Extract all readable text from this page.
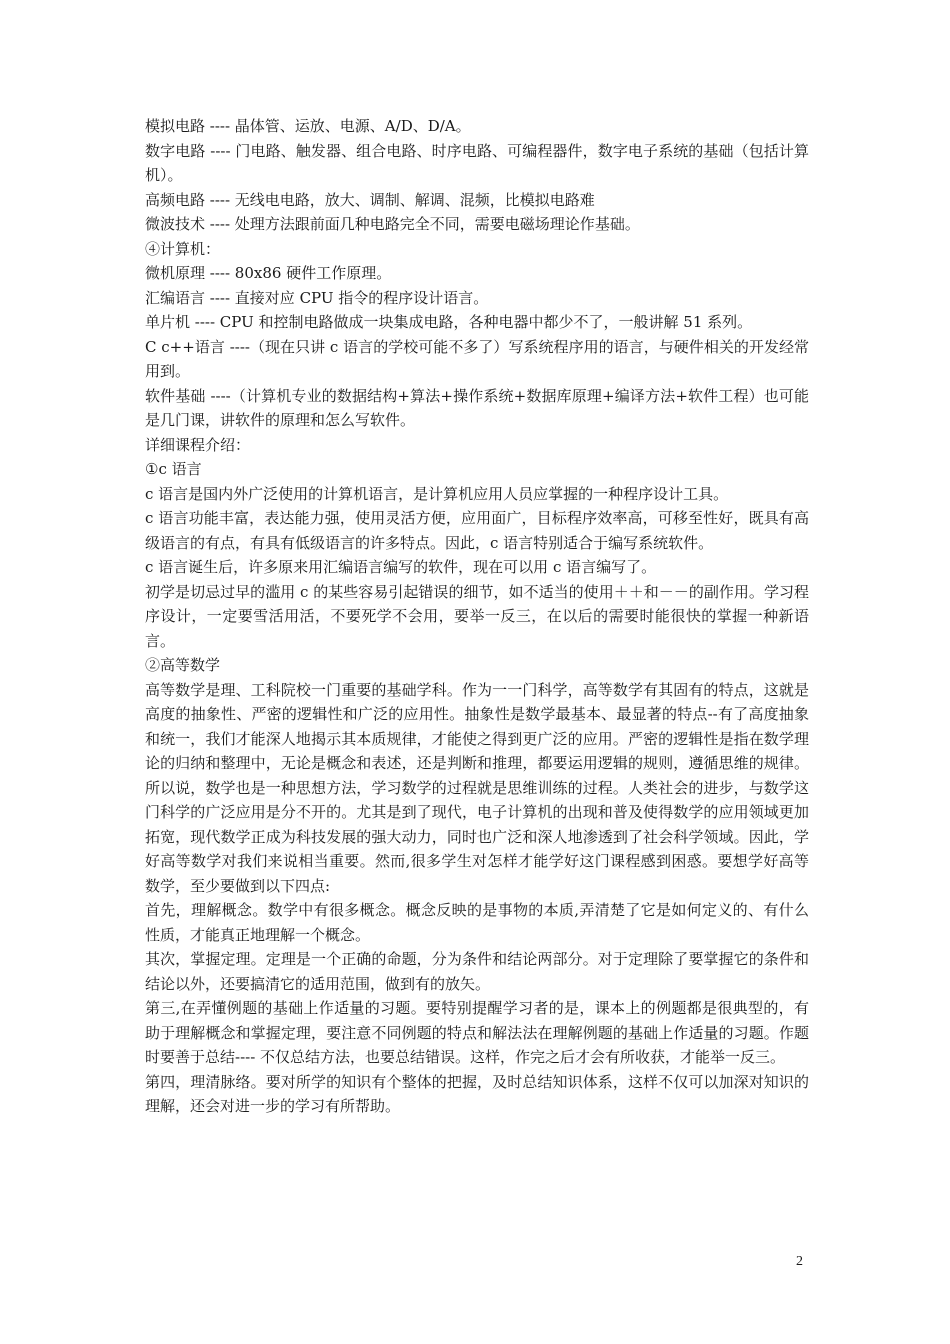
模拟电路 ---- 晶体管、运放、电源、A/D、D/A。

数字电路 ---- 门电路、触发器、组合电路、时序电路、可编程器件，数字电子系统的基础（包括计算机）。

高频电路 ---- 无线电电路，放大、调制、解调、混频，比模拟电路难

微波技术 ---- 处理方法跟前面几种电路完全不同，需要电磁场理论作基础。

④计算机：

微机原理 ---- 80x86 硬件工作原理。

汇编语言 ---- 直接对应 CPU 指令的程序设计语言。

单片机 ---- CPU 和控制电路做成一块集成电路，各种电器中都少不了，一般讲解 51 系列。

C c++语言 ----（现在只讲 c 语言的学校可能不多了）写系统程序用的语言，与硬件相关的开发经常用到。

软件基础 ----（计算机专业的数据结构+算法+操作系统+数据库原理+编译方法+软件工程）也可能是几门课，讲软件的原理和怎么写软件。

详细课程介绍：

①c 语言

c 语言是国内外广泛使用的计算机语言，是计算机应用人员应掌握的一种程序设计工具。

c 语言功能丰富，表达能力强，使用灵活方便，应用面广，目标程序效率高，可移至性好，既具有高级语言的有点，有具有低级语言的许多特点。因此，c 语言特别适合于编写系统软件。

c 语言诞生后，许多原来用汇编语言编写的软件，现在可以用 c 语言编写了。

初学是切忌过早的滥用 c 的某些容易引起错误的细节，如不适当的使用＋＋和－－的副作用。学习程序设计，一定要雪活用活，不要死学不会用，要举一反三，在以后的需要时能很快的掌握一种新语言。

②高等数学

高等数学是理、工科院校一门重要的基础学科。作为一一门科学，高等数学有其固有的特点，这就是高度的抽象性、严密的逻辑性和广泛的应用性。抽象性是数学最基本、最显著的特点--有了高度抽象和统一，我们才能深人地揭示其本质规律，才能使之得到更广泛的应用。严密的逻辑性是指在数学理论的归纳和整理中，无论是概念和表述，还是判断和推理，都要运用逻辑的规则，遵循思维的规律。所以说，数学也是一种思想方法，学习数学的过程就是思维训练的过程。人类社会的进步，与数学这门科学的广泛应用是分不开的。尤其是到了现代，电子计算机的出现和普及使得数学的应用领域更加拓宽，现代数学正成为科技发展的强大动力，同时也广泛和深人地渗透到了社会科学领域。因此，学好高等数学对我们来说相当重要。然而,很多学生对怎样才能学好这门课程感到困惑。要想学好高等数学，至少要做到以下四点:

首先，理解概念。数学中有很多概念。概念反映的是事物的本质,弄清楚了它是如何定义的、有什么性质，才能真正地理解一个概念。

其次，掌握定理。定理是一个正确的命题，分为条件和结论两部分。对于定理除了要掌握它的条件和结论以外，还要搞清它的适用范围，做到有的放矢。

第三,在弄懂例题的基础上作适量的习题。要特别提醒学习者的是，课本上的例题都是很典型的，有助于理解概念和掌握定理，要注意不同例题的特点和解法法在理解例题的基础上作适量的习题。作题时要善于总结---- 不仅总结方法，也要总结错误。这样，作完之后才会有所收获，才能举一反三。

第四，理清脉络。要对所学的知识有个整体的把握，及时总结知识体系，这样不仅可以加深对知识的理解，还会对进一步的学习有所帮助。

2
